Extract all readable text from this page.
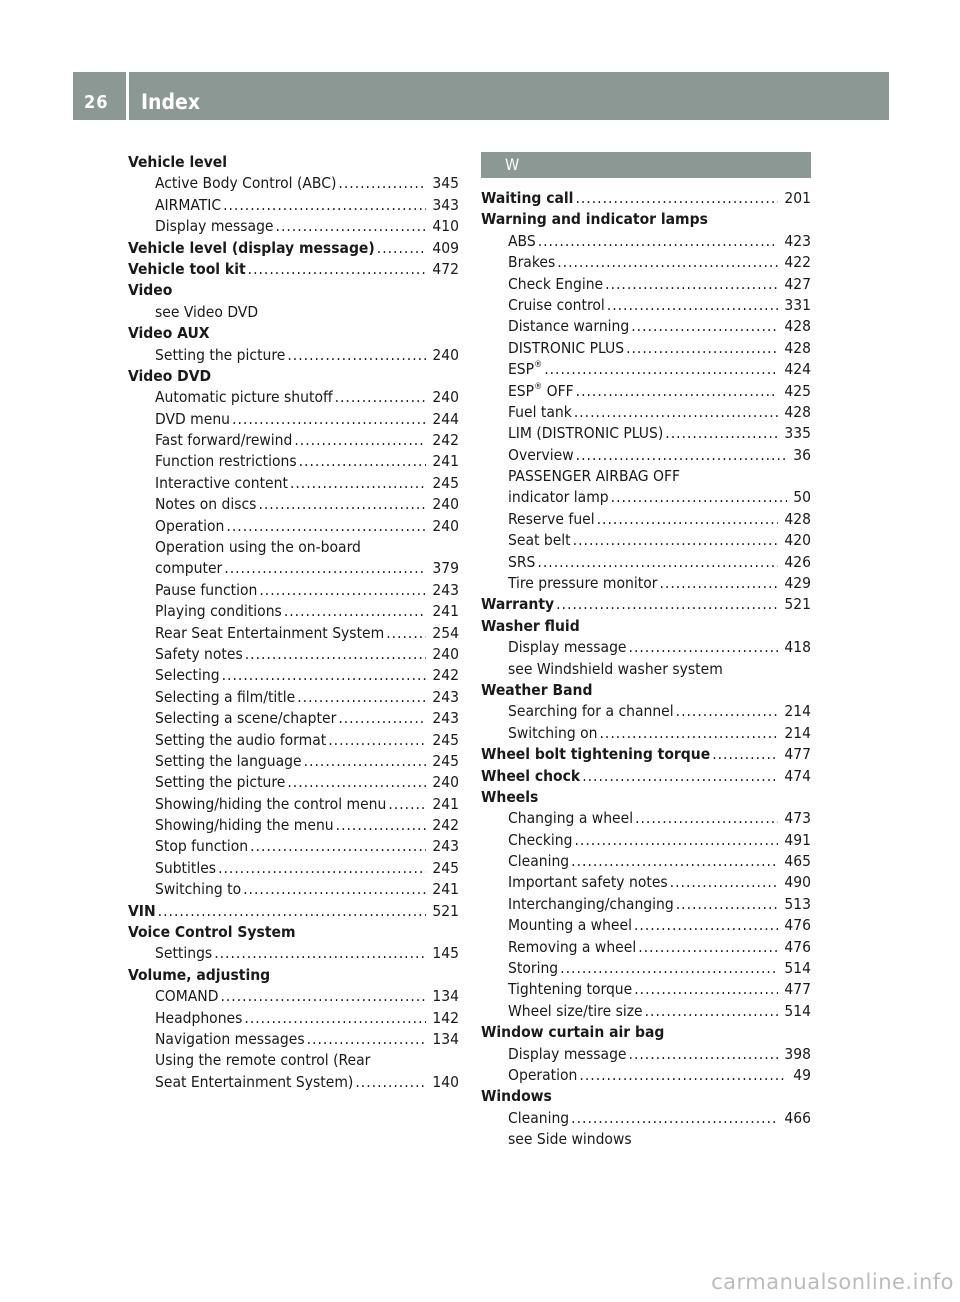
26 Index
Vehicle level
Active Body Control (ABC) .....	345
AIRMATIC .....	343
Display message .....	410
Vehicle level (display message) .....	409
Vehicle tool kit .....	472
Video
see Video DVD
Video AUX
Setting the picture .....	240
Video DVD
Automatic picture shutoff .....	240
DVD menu .....	244
Fast forward/rewind .....	242
Function restrictions .....	241
Interactive content .....	245
Notes on discs .....	240
Operation .....	240
Operation using the on-board
computer .....	379
Pause function .....	243
Playing conditions .....	241
Rear Seat Entertainment System .....	254
Safety notes .....	240
Selecting .....	242
Selecting a film/title .....	243
Selecting a scene/chapter .....	243
Setting the audio format .....	245
Setting the language .....	245
Setting the picture .....	240
Showing/hiding the control menu .....	241
Showing/hiding the menu .....	242
Stop function .....	243
Subtitles .....	245
Switching to .....	241
VIN .....	521
Voice Control System
Settings .....	145
Volume, adjusting
COMAND .....	134
Headphones .....	142
Navigation messages .....	134
Using the remote control (Rear
Seat Entertainment System) .....	140
W
Waiting call .....	201
Warning and indicator lamps
ABS .....	423
Brakes .....	422
Check Engine .....	427
Cruise control .....	331
Distance warning .....	428
DISTRONIC PLUS .....	428
ESP® .....	424
ESP® OFF .....	425
Fuel tank .....	428
LIM (DISTRONIC PLUS) .....	335
Overview .....	36
PASSENGER AIRBAG OFF
indicator lamp .....	50
Reserve fuel .....	428
Seat belt .....	420
SRS .....	426
Tire pressure monitor .....	429
Warranty .....	521
Washer fluid
Display message .....	418
see Windshield washer system
Weather Band
Searching for a channel .....	214
Switching on .....	214
Wheel bolt tightening torque .....	477
Wheel chock .....	474
Wheels
Changing a wheel .....	473
Checking .....	491
Cleaning .....	465
Important safety notes .....	490
Interchanging/changing .....	513
Mounting a wheel .....	476
Removing a wheel .....	476
Storing .....	514
Tightening torque .....	477
Wheel size/tire size .....	514
Window curtain air bag
Display message .....	398
Operation .....	49
Windows
Cleaning .....	466
see Side windows
carmanualsonline.info
